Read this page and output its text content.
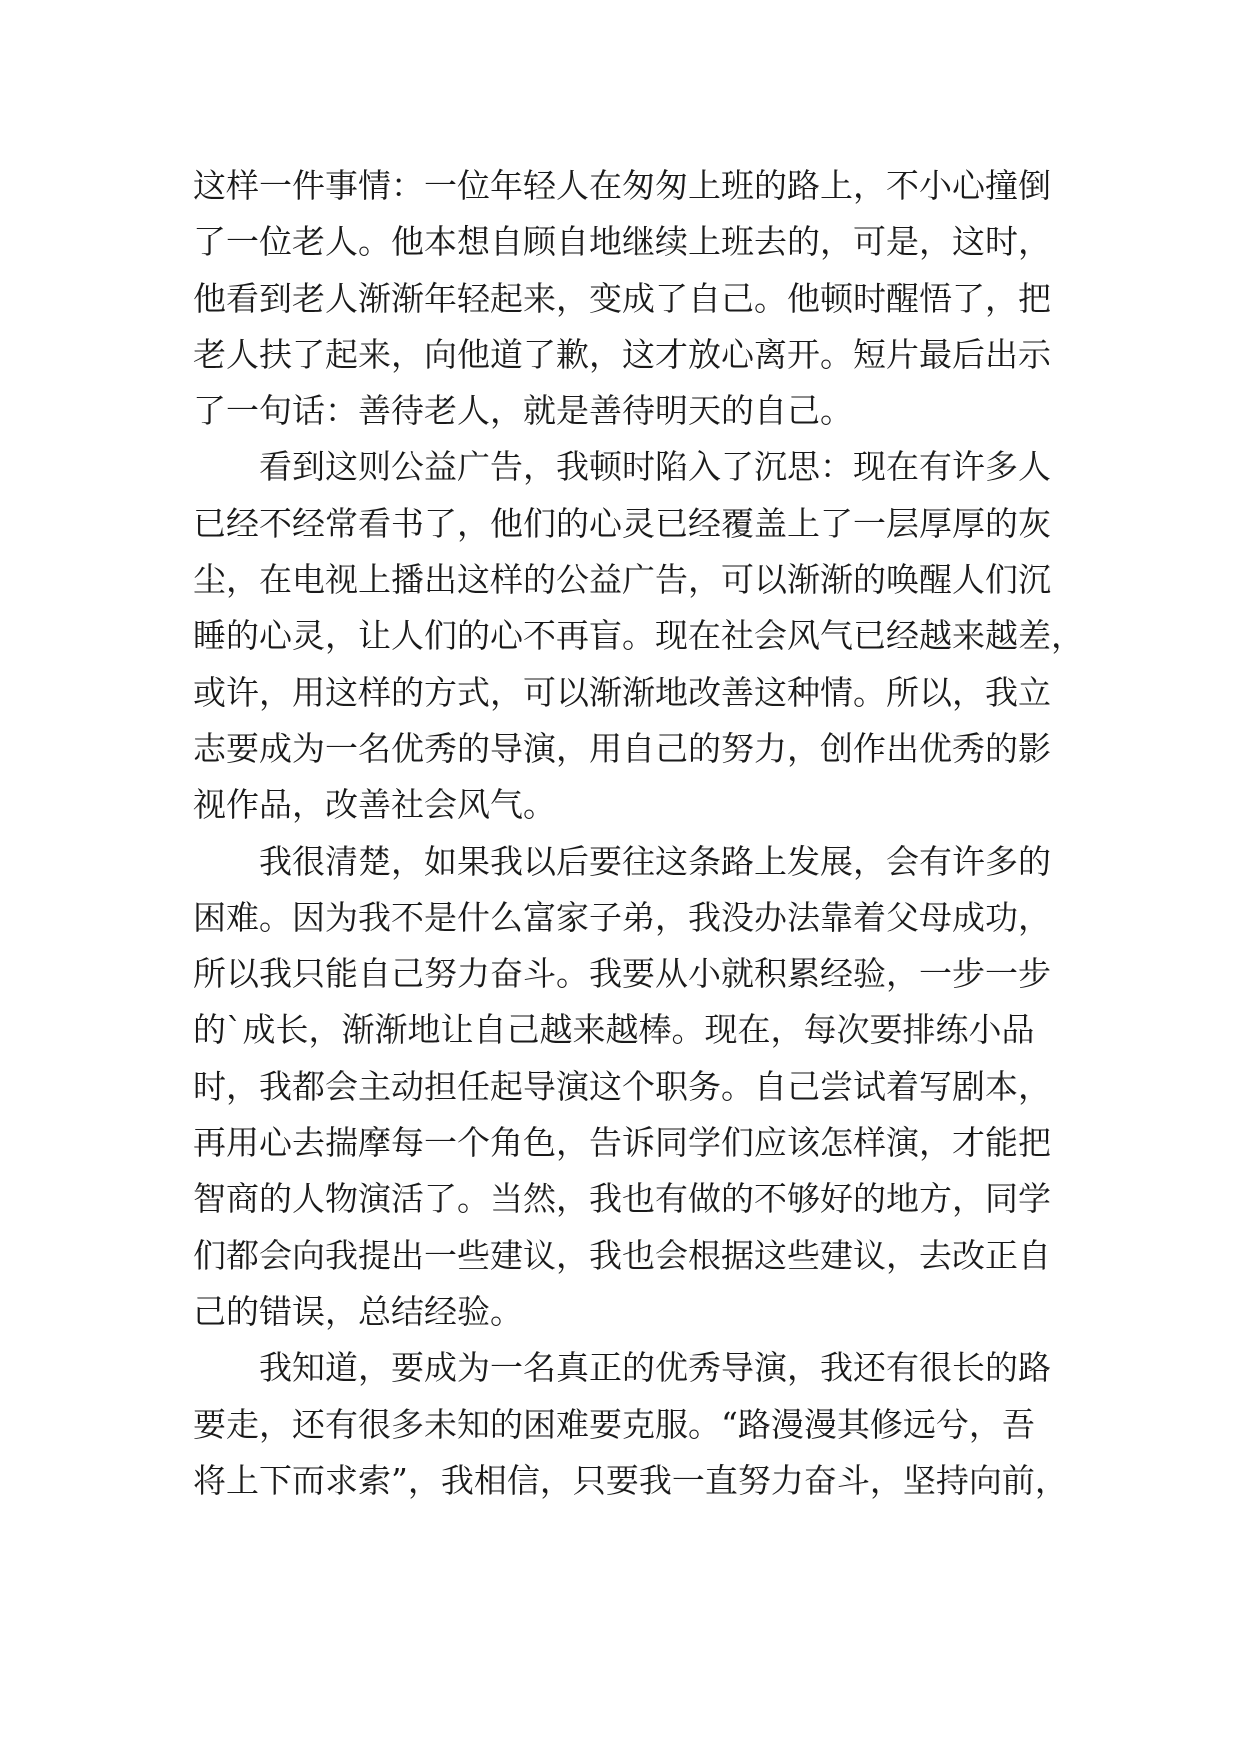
这样一件事情：一位年轻人在匆匆上班的路上，不小心撞倒

了一位老人。他本想自顾自地继续上班去的，可是，这时，

他看到老人渐渐年轻起来，变成了自己。他顿时醒悟了，把

老人扶了起来，向他道了歉，这才放心离开。短片最后出示

了一句话：善待老人，就是善待明天的自己。

看到这则公益广告，我顿时陷入了沉思：现在有许多人

已经不经常看书了，他们的心灵已经覆盖上了一层厚厚的灰

尘，在电视上播出这样的公益广告，可以渐渐的唤醒人们沉

睡的心灵，让人们的心不再盲。现在社会风气已经越来越差，

或许，用这样的方式，可以渐渐地改善这种情。所以，我立

志要成为一名优秀的导演，用自己的努力，创作出优秀的影

视作品，改善社会风气。

我很清楚，如果我以后要往这条路上发展，会有许多的

困难。因为我不是什么富家子弟，我没办法靠着父母成功，

所以我只能自己努力奋斗。我要从小就积累经验，一步一步

的`成长，渐渐地让自己越来越棒。现在，每次要排练小品

时，我都会主动担任起导演这个职务。自己尝试着写剧本，

再用心去揣摩每一个角色，告诉同学们应该怎样演，才能把

智商的人物演活了。当然，我也有做的不够好的地方，同学

们都会向我提出一些建议，我也会根据这些建议，去改正自

己的错误，总结经验。

我知道，要成为一名真正的优秀导演，我还有很长的路

要走，还有很多未知的困难要克服。“路漫漫其修远兮，吾

将上下而求索”，我相信，只要我一直努力奋斗，坚持向前，
